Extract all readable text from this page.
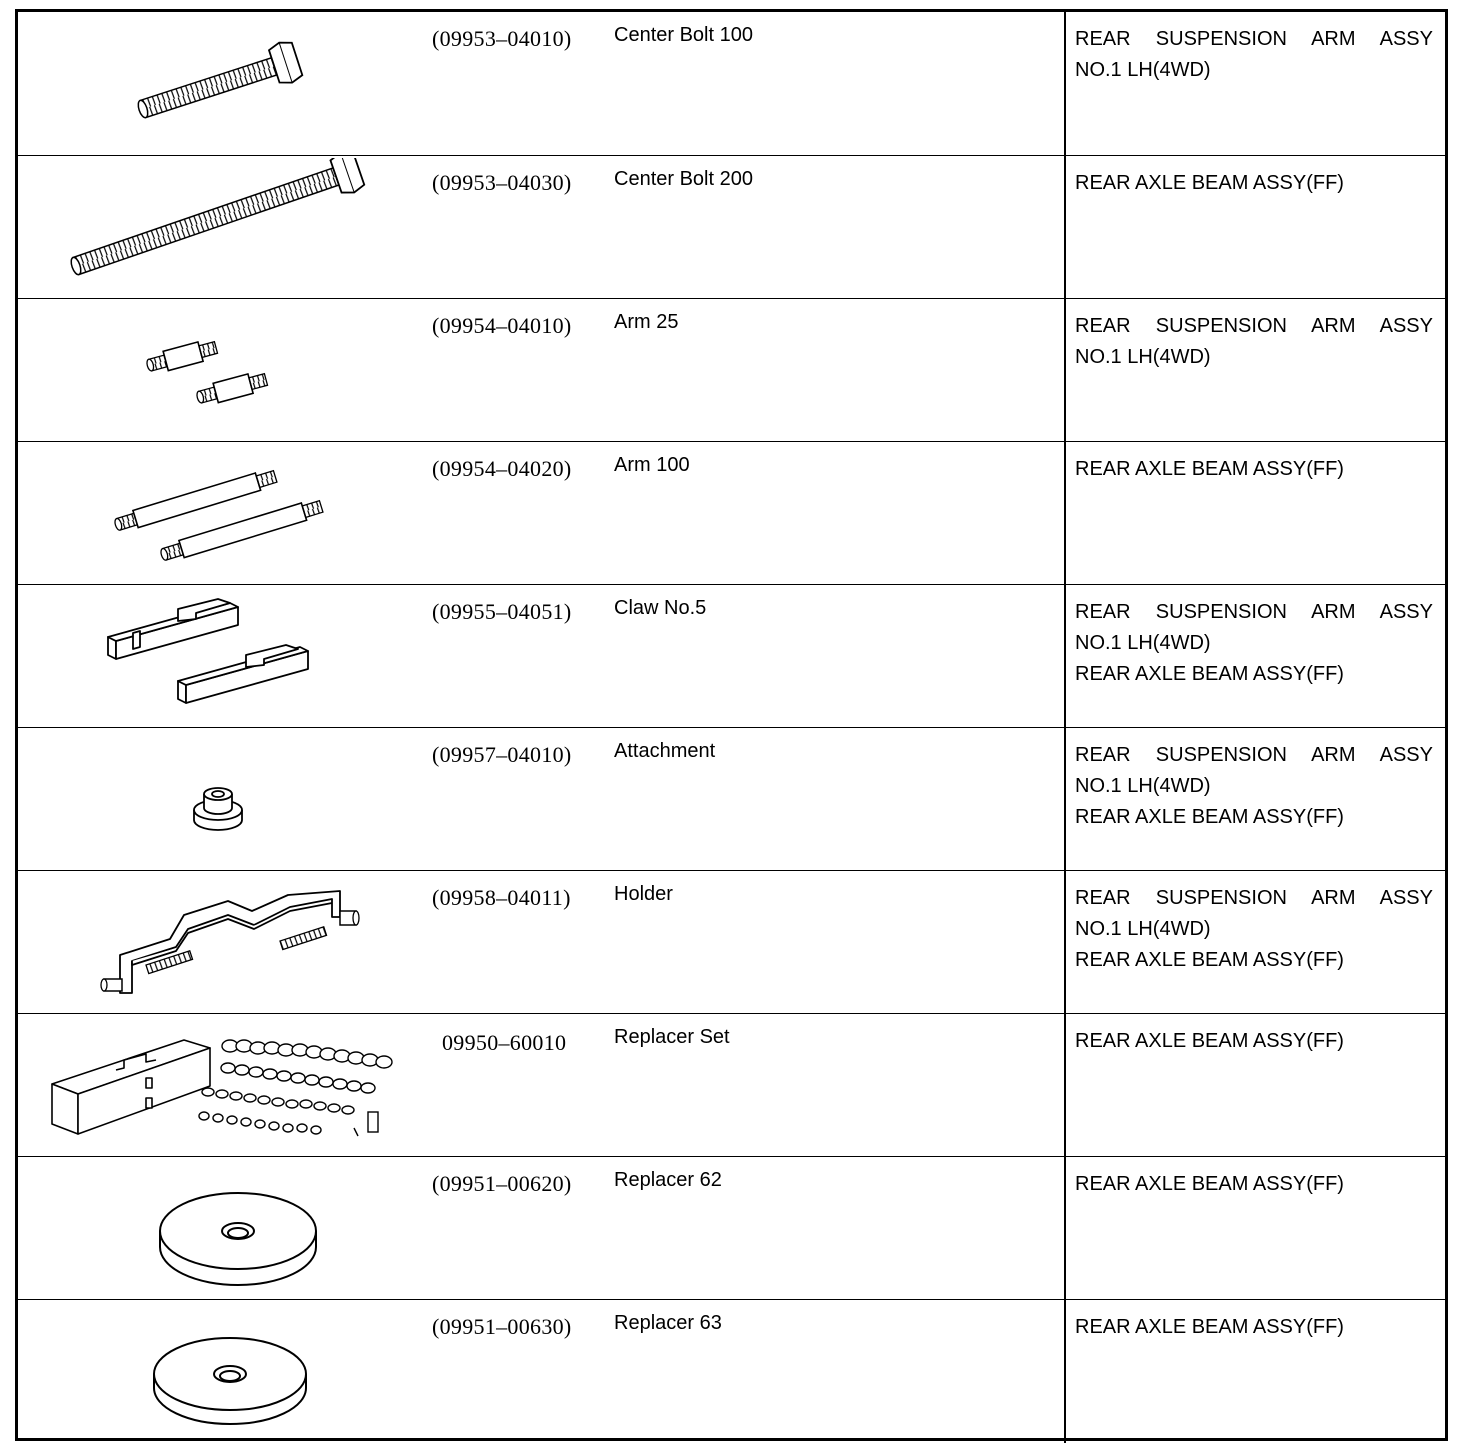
(09953–04010)	Center Bolt 100	REAR SUSPENSION ARM ASSY
NO.1 LH(4WD)
(09953–04030)	Center Bolt 200	REAR AXLE BEAM ASSY(FF)
(09954–04010)	Arm 25	REAR SUSPENSION ARM ASSY
NO.1 LH(4WD)
(09954–04020)	Arm 100	REAR AXLE BEAM ASSY(FF)
(09955–04051)	Claw No.5	REAR SUSPENSION ARM ASSY
NO.1 LH(4WD)
REAR AXLE BEAM ASSY(FF)
(09957–04010)	Attachment	REAR SUSPENSION ARM ASSY
NO.1 LH(4WD)
REAR AXLE BEAM ASSY(FF)
(09958–04011)	Holder	REAR SUSPENSION ARM ASSY
NO.1 LH(4WD)
REAR AXLE BEAM ASSY(FF)
09950–60010	Replacer Set	REAR AXLE BEAM ASSY(FF)
(09951–00620)	Replacer 62	REAR AXLE BEAM ASSY(FF)
(09951–00630)	Replacer 63	REAR AXLE BEAM ASSY(FF)
